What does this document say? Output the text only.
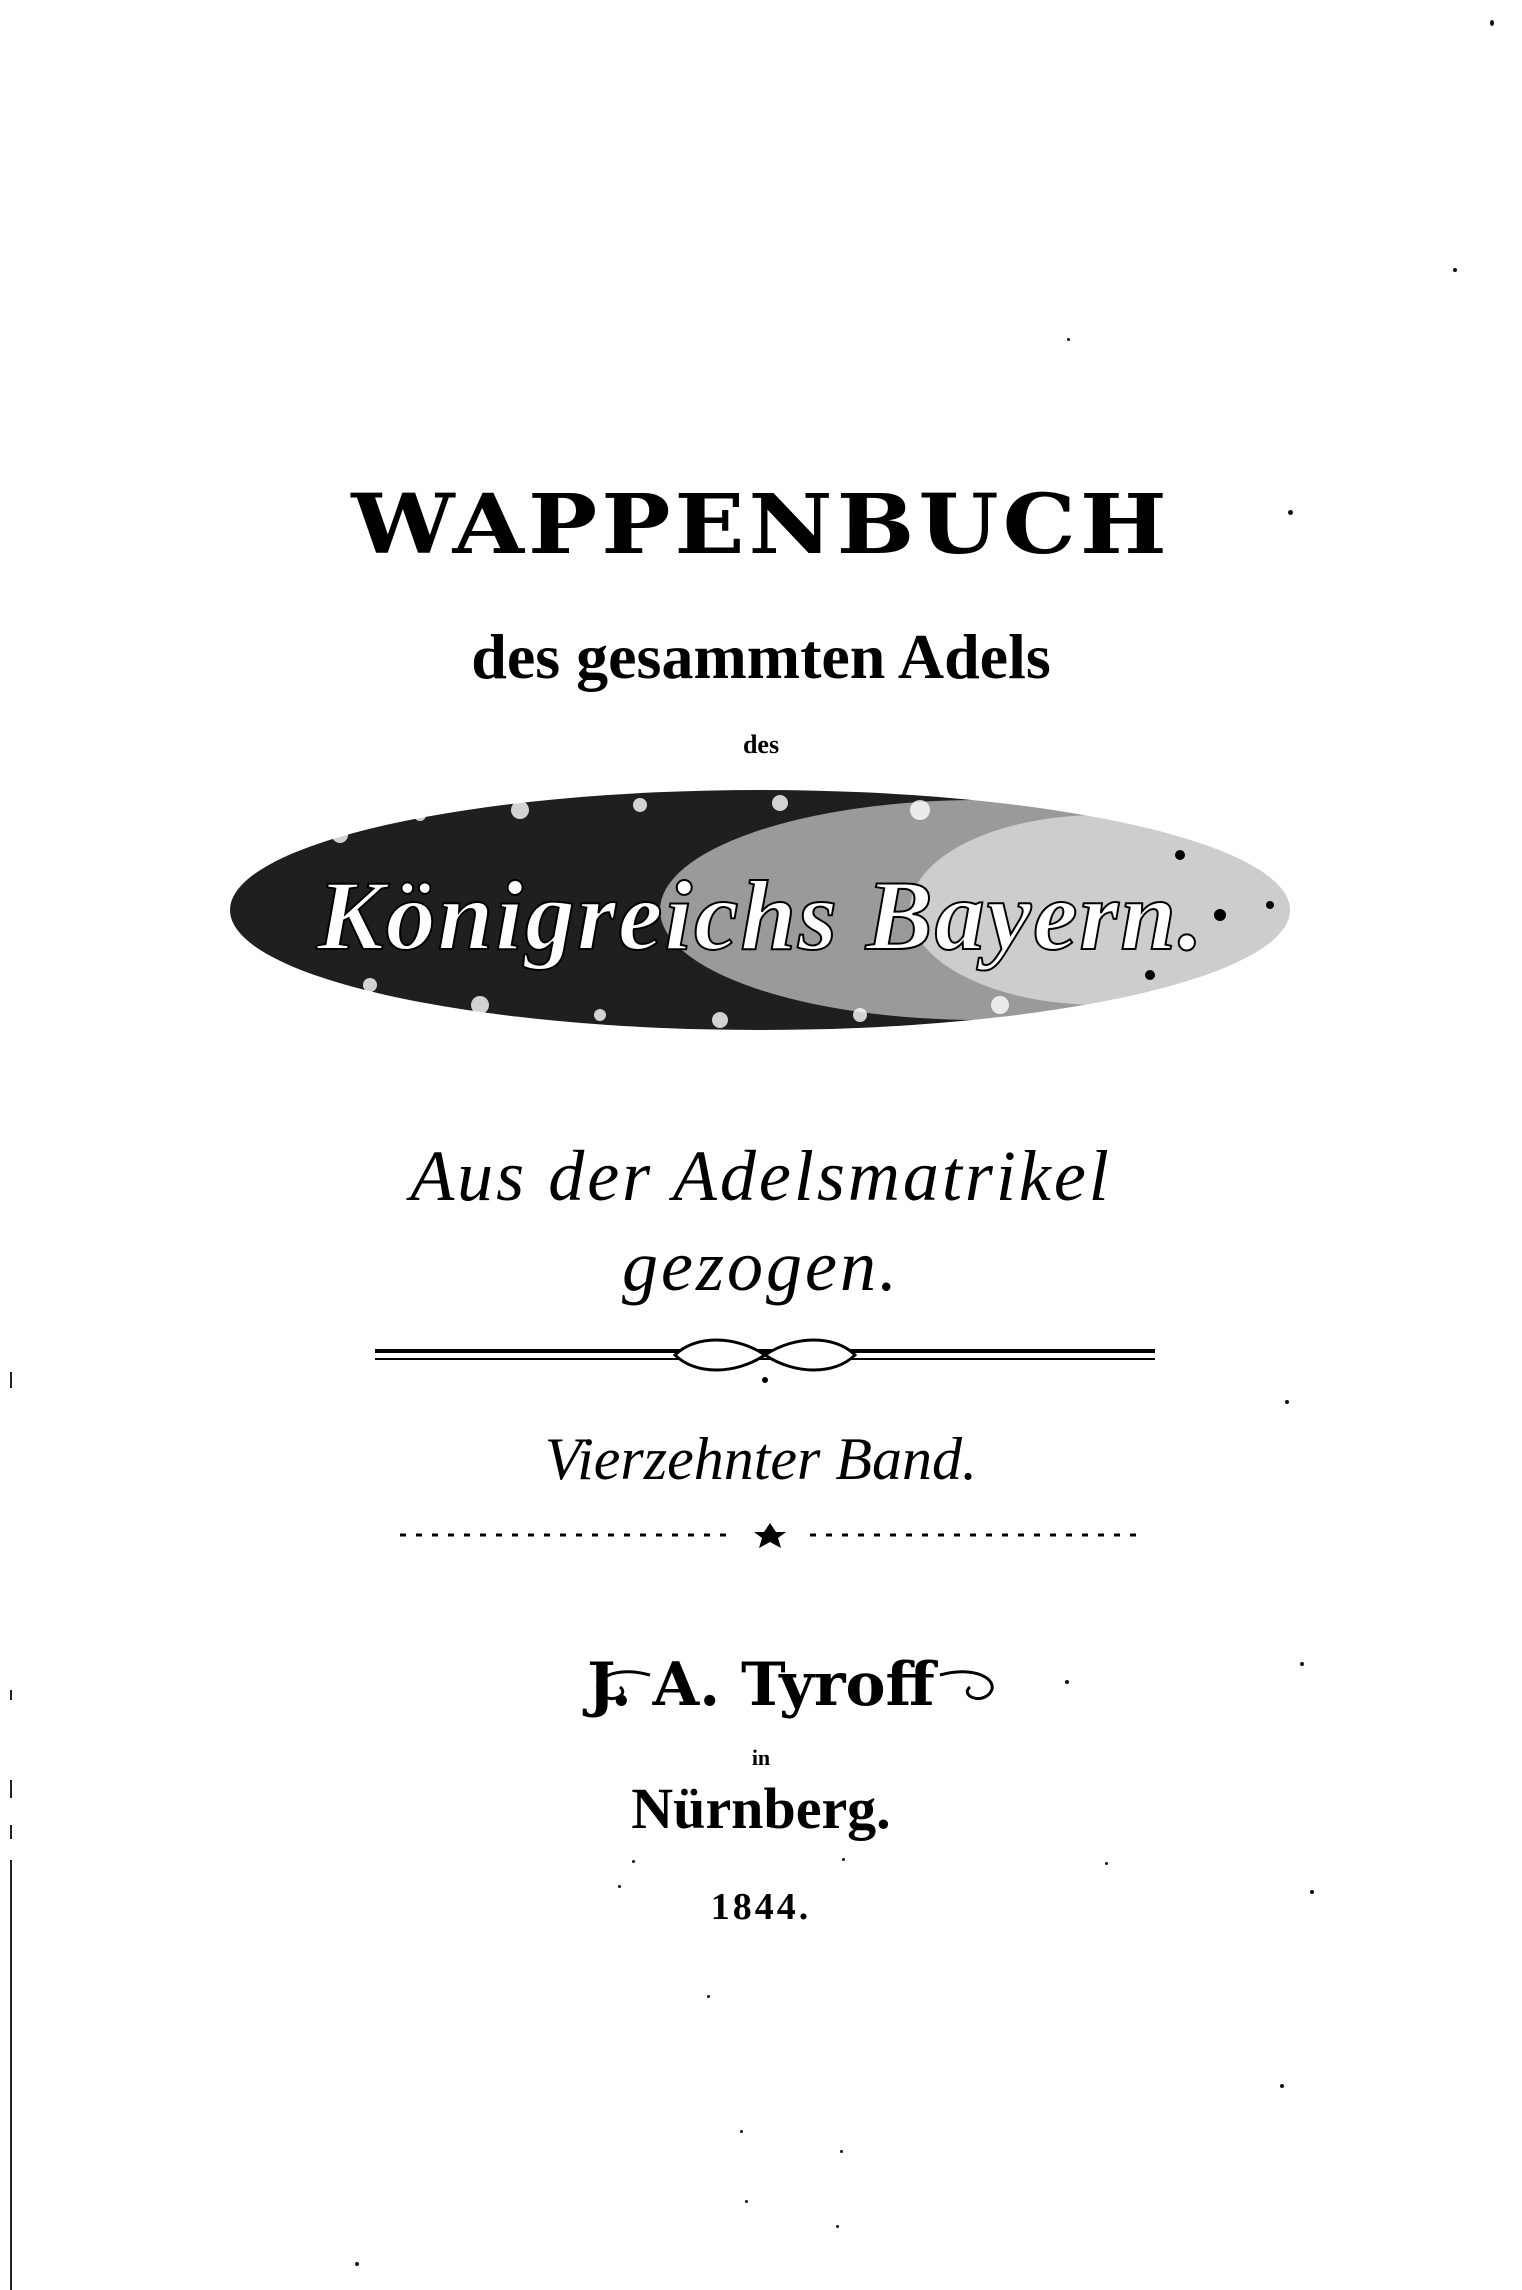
WAPPENBUCH
des gesammten Adels
des
Königreichs Bayern.
Aus der Adelsmatrikel
gezogen.
Vierzehnter Band.
J. A. Tyroff
in
Nürnberg.
1844.
